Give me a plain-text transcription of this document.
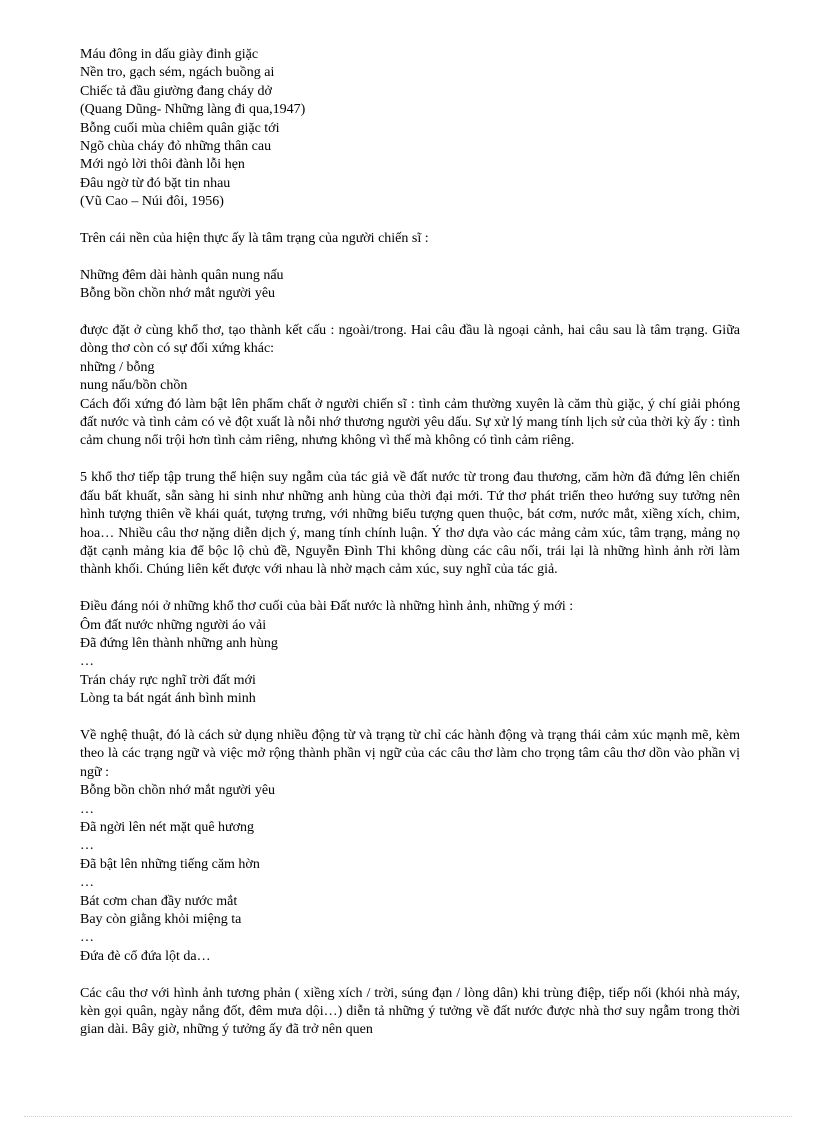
Máu đông in dấu giày đinh giặc

Nền tro, gạch sém, ngách buồng ai

Chiếc tả đầu giường đang cháy dở

(Quang Dũng- Những làng đi qua,1947)

Bỗng cuối mùa chiêm quân giặc tới

Ngõ chùa cháy đỏ những thân cau

Mới ngỏ lời thôi đành lỗi hẹn

Đâu ngờ từ đó bặt tin nhau

(Vũ Cao – Núi đôi, 1956)

Trên cái nền của hiện thực ấy là tâm trạng của người chiến sĩ :

Những đêm dài hành quân nung nấu

Bỗng bồn chồn nhớ mắt người yêu

được đặt ở cùng khổ thơ, tạo thành kết cấu : ngoài/trong. Hai câu đầu là ngoại cảnh, hai câu sau là tâm trạng. Giữa dòng thơ còn có sự đối xứng khác:

những / bỗng

nung nấu/bồn chồn

Cách đối xứng đó làm bật lên phẩm chất ở người chiến sĩ : tình cảm thường xuyên là căm thù giặc, ý chí giải phóng đất nước và tình cảm có vẻ đột xuất là nỗi nhớ thương người yêu dấu. Sự xử lý mang tính lịch sử của thời kỳ ấy : tình cảm chung nổi trội hơn tình cảm riêng, nhưng không vì thế mà không có tình cảm riêng.

5 khổ thơ tiếp tập trung thể hiện suy ngẫm của tác giả về đất nước từ trong đau thương, căm hờn đã đứng lên chiến đấu bất khuất, sẵn sàng hi sinh như những anh hùng của thời đại mới. Tứ thơ phát triển theo hướng suy tưởng nên hình tượng thiên về khái quát, tượng trưng, với những biểu tượng quen thuộc, bát cơm, nước mắt, xiềng xích, chim, hoa… Nhiều câu thơ nặng diễn dịch ý, mang tính chính luận. Ý thơ dựa vào các mảng cảm xúc, tâm trạng, mảng nọ đặt cạnh mảng kia để bộc lộ chủ đề, Nguyễn Đình Thi không dùng các câu nối, trái lại là những hình ảnh rời làm thành khối. Chúng liên kết được với nhau là nhờ mạch cảm xúc, suy nghĩ của tác giả.

Điều đáng nói ở những khổ thơ cuối của bài Đất nước là những hình ảnh, những ý mới :

Ôm đất nước những người áo vải

Đã đứng lên thành những anh hùng

…

Trán cháy rực nghĩ trời đất mới

Lòng ta bát ngát ánh bình minh

Về nghệ thuật, đó là cách sử dụng nhiều động từ và trạng từ chỉ các hành động và trạng thái cảm xúc mạnh mẽ, kèm theo là các trạng ngữ và việc mở rộng thành phần vị ngữ của các câu thơ làm cho trọng tâm câu thơ dồn vào phần vị ngữ :

Bỗng bồn chồn nhớ mắt người yêu

…

Đã ngời lên nét mặt quê hương

…

Đã bật lên những tiếng căm hờn

…

Bát cơm chan đầy nước mắt

Bay còn giằng khỏi miệng ta

…

Đứa đè cổ đứa lột da…

Các câu thơ với hình ảnh tương phản ( xiềng xích / trời, súng đạn / lòng dân) khi trùng điệp, tiếp nối (khói nhà máy, kèn gọi quân, ngày nắng đốt, đêm mưa dội…) diễn tả những ý tưởng về đất nước được nhà thơ suy ngẫm trong thời gian dài. Bây giờ, những ý tưởng ấy đã trở nên quen
